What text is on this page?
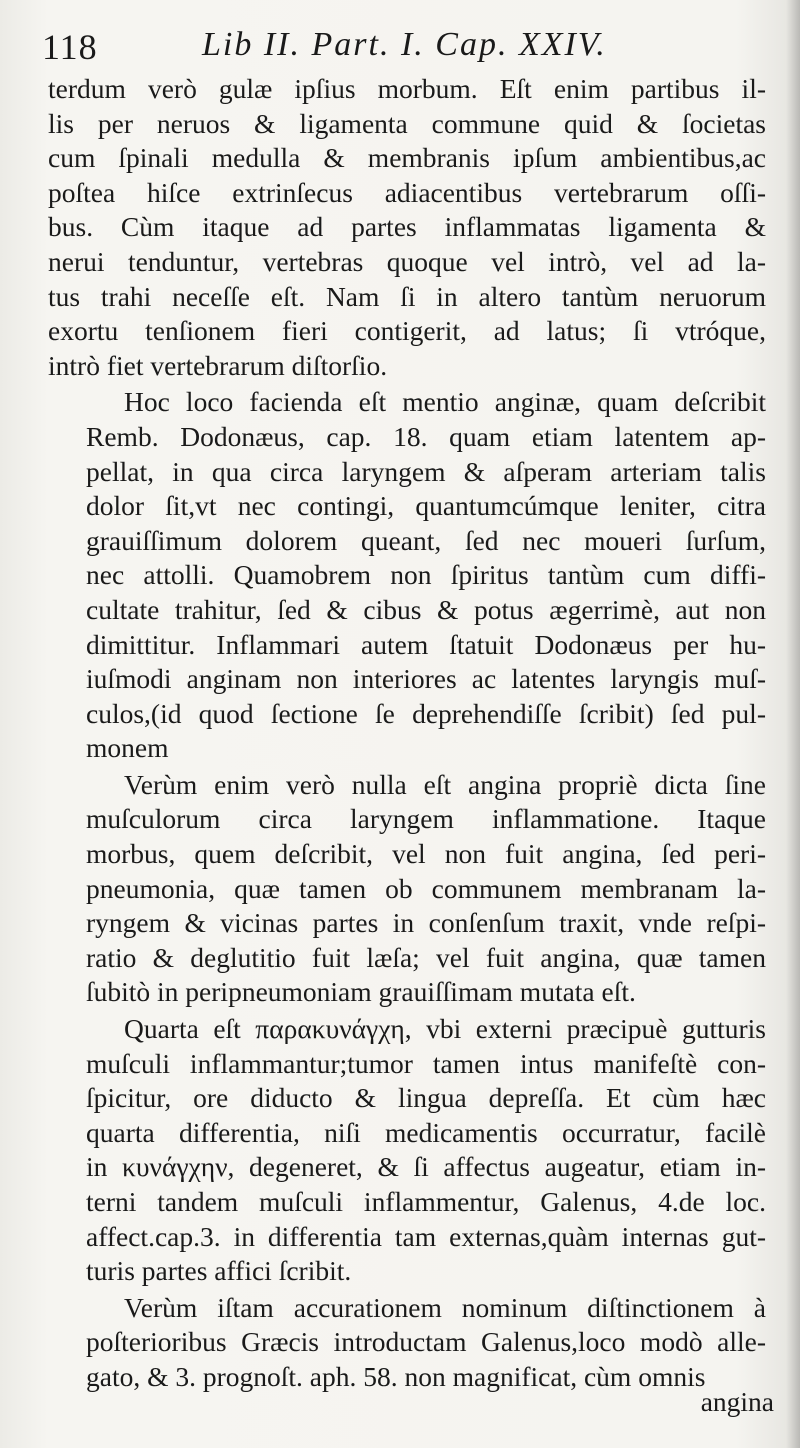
118	Lib II. Part. I. Cap. XXIV.
terdum verò gulæ ipſius morbum. Eſt enim partibus il-
lis per neruos & ligamenta commune quid & ſocietas
cum ſpinali medulla & membranis ipſum ambientibus,ac
poſtea hiſce extrinſecus adiacentibus vertebrarum oſſi-
bus. Cùm itaque ad partes inflammatas ligamenta &
nerui tenduntur, vertebras quoque vel intrò, vel ad la-
tus trahi neceſſe eſt. Nam ſi in altero tantùm neruorum
exortu tenſionem fieri contigerit, ad latus; ſi vtróque,
intrò fiet vertebrarum diſtorſio.
Hoc loco facienda eſt mentio anginæ, quam deſcribit
Remb. Dodonæus, cap. 18. quam etiam latentem ap-
pellat, in qua circa laryngem & aſperam arteriam talis
dolor ſit,vt nec contingi, quantumcúmque leniter, citra
grauiſſimum dolorem queant, ſed nec moueri ſurſum,
nec attolli. Quamobrem non ſpiritus tantùm cum diffi-
cultate trahitur, ſed & cibus & potus ægerrimè, aut non
dimittitur. Inflammari autem ſtatuit Dodonæus per hu-
iuſmodi anginam non interiores ac latentes laryngis muſ-
culos,(id quod ſectione ſe deprehendiſſe ſcribit) ſed pul-
monem
Verùm enim verò nulla eſt angina propriè dicta ſine
muſculorum circa laryngem inflammatione. Itaque
morbus, quem deſcribit, vel non fuit angina, ſed peri-
pneumonia, quæ tamen ob communem membranam la-
ryngem & vicinas partes in conſenſum traxit, vnde reſpi-
ratio & deglutitio fuit læſa; vel fuit angina, quæ tamen
ſubitò in peripneumoniam grauiſſimam mutata eſt.
Quarta eſt παρακυνάγχη, vbi externi præcipuè gutturis
muſculi inflammantur;tumor tamen intus manifeſtè con-
ſpicitur, ore diducto & lingua depreſſa. Et cùm hæc
quarta differentia, niſi medicamentis occurratur, facilè
in κυνάγχην, degeneret, & ſi affectus augeatur, etiam in-
terni tandem muſculi inflammentur, Galenus, 4.de loc.
affect.cap.3. in differentia tam externas,quàm internas gut-
turis partes affici ſcribit.
Verùm iſtam accurationem nominum diſtinctionem à
poſterioribus Græcis introductam Galenus,loco modò alle-
gato, & 3. prognoſt. aph. 58. non magnificat, cùm omnis
angina
